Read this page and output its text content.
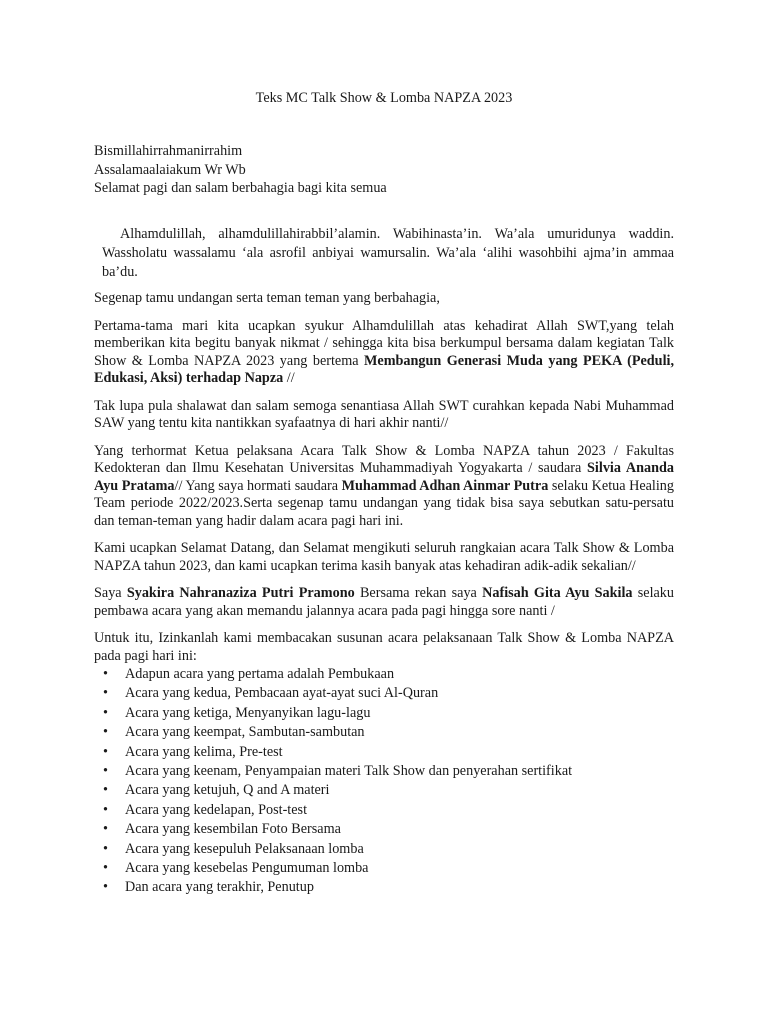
Teks MC Talk Show & Lomba NAPZA 2023
Bismillahirrahmanirrahim
Assalamaalaiakum Wr Wb
Selamat pagi dan salam berbahagia bagi kita semua
Alhamdulillah, alhamdulillahirabbil’alamin. Wabihinasta’in. Wa’ala umuridunya waddin. Wassholatu wassalamu ‘ala asrofil anbiyai wamursalin. Wa’ala ‘alihi wasohbihi ajma’in ammaa ba’du.

Segenap tamu undangan serta teman teman yang berbahagia,

Pertama-tama mari kita ucapkan syukur Alhamdulillah atas kehadirat Allah SWT,yang telah memberikan kita begitu banyak nikmat / sehingga kita bisa berkumpul bersama dalam kegiatan Talk Show & Lomba NAPZA 2023 yang bertema Membangun Generasi Muda yang PEKA (Peduli, Edukasi, Aksi) terhadap Napza //

Tak lupa pula shalawat dan salam semoga senantiasa Allah SWT curahkan kepada Nabi Muhammad SAW yang tentu kita nantikkan syafaatnya di hari akhir nanti//

Yang terhormat Ketua pelaksana Acara Talk Show & Lomba NAPZA tahun 2023 / Fakultas Kedokteran dan Ilmu Kesehatan Universitas Muhammadiyah Yogyakarta / saudara Silvia Ananda Ayu Pratama// Yang saya hormati saudara Muhammad Adhan Ainmar Putra selaku Ketua Healing Team periode 2022/2023.Serta segenap tamu undangan yang tidak bisa saya sebutkan satu-persatu dan teman-teman yang hadir dalam acara pagi hari ini.

Kami ucapkan Selamat Datang, dan Selamat mengikuti seluruh rangkaian acara Talk Show & Lomba NAPZA tahun 2023, dan kami ucapkan terima kasih banyak atas kehadiran adik-adik sekalian//

Saya Syakira Nahranaziza Putri Pramono Bersama rekan saya Nafisah Gita Ayu Sakila selaku pembawa acara yang akan memandu jalannya acara pada pagi hingga sore nanti /

Untuk itu, Izinkanlah kami membacakan susunan acara pelaksanaan Talk Show & Lomba NAPZA pada pagi hari ini:

• Adapun acara yang pertama adalah Pembukaan
• Acara yang kedua, Pembacaan ayat-ayat suci Al-Quran
• Acara yang ketiga, Menyanyikan lagu-lagu
• Acara yang keempat, Sambutan-sambutan
• Acara yang kelima, Pre-test
• Acara yang keenam, Penyampaian materi Talk Show dan penyerahan sertifikat
• Acara yang ketujuh, Q and A materi
• Acara yang kedelapan, Post-test
• Acara yang kesembilan Foto Bersama
• Acara yang kesepuluh Pelaksanaan lomba
• Acara yang kesebelas Pengumuman lomba
• Dan acara yang terakhir, Penutup
